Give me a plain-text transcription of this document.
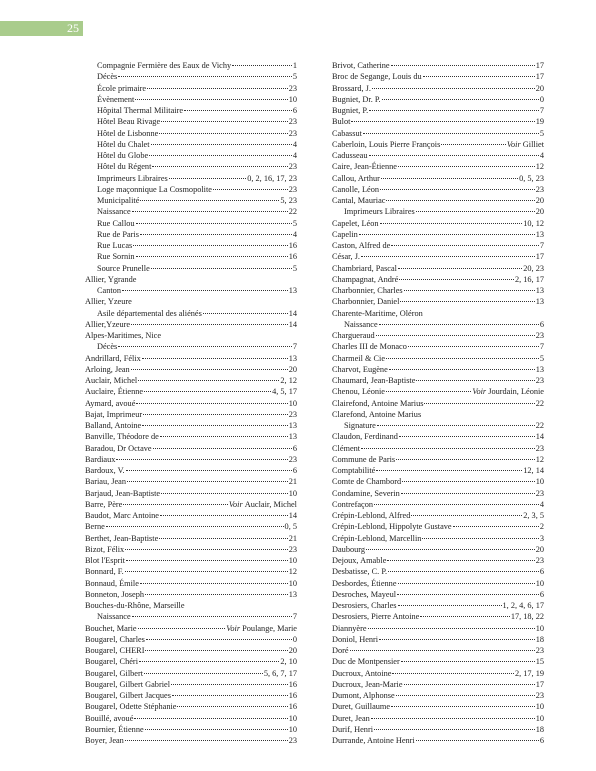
25
Compagnie Fermière des Eaux de Vichy	1
Décès	5
École primaire	23
Évènement	10
Hôpital Thermal Militaire	6
Hôtel Beau Rivage	23
Hôtel de Lisbonne	23
Hôtel du Chalet	4
Hôtel du Globe	4
Hôtel du Régent	23
Imprimeurs Libraires	0, 2, 16, 17, 23
Loge maçonnique La Cosmopolite	23
Municipalité	5, 23
Naissance	22
Rue Callou	5
Rue de Paris	4
Rue Lucas	16
Rue Sornin	16
Source Prunelle	5
Allier, Ygrande
Canton	13
Allier, Yzeure
Asile départemental des aliénés	14
Allier,Yzeure	14
Alpes-Maritimes, Nice
Décès	7
Andrillard, Félix	13
Arloing, Jean	20
Auclair, Michel	2, 12
Auclaire, Étienne	4, 5, 17
Aymard, avoué	10
Bajat, Imprimeur	23
Balland, Antoine	13
Banville, Théodore de	13
Baradou, Dr Octave	6
Bardiaux	23
Bardoux, V.	6
Bariau, Jean	21
Barjaud, Jean-Baptiste	10
Barre, Père	Voir
Auclair, Michel
Baudot, Marc Antoine	14
Berne	0, 5
Berthet, Jean-Baptiste	21
Bizot, Félix	23
Blot l'Esprit	10
Bonnard, F.	12
Bonnaud, Émile	10
Bonneton, Joseph	13
Bouches-du-Rhône, Marseille
Naissance	7
Bouchet, Marie	Voir
Poulange, Marie
Bougarel, Charles	0
Bougarel, CHERI	20
Bougarel, Chéri	2, 10
Bougarel, Gilbert	5, 6, 7, 17
Bougarel, Gilbert Gabriel	16
Bougarel, Gilbert Jacques	16
Bougarel, Odette Stéphanie	16
Bouillé, avoué	10
Bournier, Étienne	10
Boyer, Jean	23
Brivot, Catherine	17
Broc de Segange, Louis du	17
Brossard, J.	20
Bugniet, Dr. P.	0
Bugniet, P.	7
Bulot	19
Cabassut	5
Caberloin, Louis Pierre François	Voir
Gilliet
Cadusseau	4
Caire, Jean-Étienne	12
Callou, Arthur	0, 5, 23
Canolle, Léon	23
Cantal, Mauriac	20
Imprimeurs Libraires	20
Capelet, Léon	10, 12
Capelin	13
Caston, Alfred de	7
César, J.	17
Chambriard, Pascal	20, 23
Champagnat, André	2, 16, 17
Charbonnier, Charles	13
Charbonnier, Daniel	13
Charente-Maritime, Oléron
Naissance	6
Chargueraud	23
Charles III de Monaco	7
Charmeil & Cie	5
Charvot, Eugène	13
Chaumard, Jean-Baptiste	23
Chenou, Léonie	Voir
Jourdain, Léonie
Clairefond, Antoine Marius	22
Clarefond, Antoine Marius
Signature	22
Claudon, Ferdinand	14
Clément	23
Commune de Paris	12
Comptabilité	12, 14
Comte de Chambord	10
Condamine, Severin	23
Contrefaçon	4
Crépin-Leblond, Alfred	2, 3, 5
Crépin-Leblond, Hippolyte Gustave	2
Crépin-Leblond, Marcellin	3
Daubourg	20
Dejoux, Amable	23
Desbatisse, C. P.	6
Desbordes, Étienne	10
Desroches, Mayeul	6
Desrosiers, Charles	1, 2, 4, 6, 17
Desrosiers, Pierre Antoine	17, 18, 22
Diannyère	10
Doniol, Henri	18
Doré	23
Duc de Montpensier	15
Ducroux, Antoine	2, 17, 19
Ducroux, Jean-Marie	17
Dumont, Alphonse	23
Duret, Guillaume	10
Duret, Jean	10
Durif, Henri	18
Durrande, Antoine Henri	6
